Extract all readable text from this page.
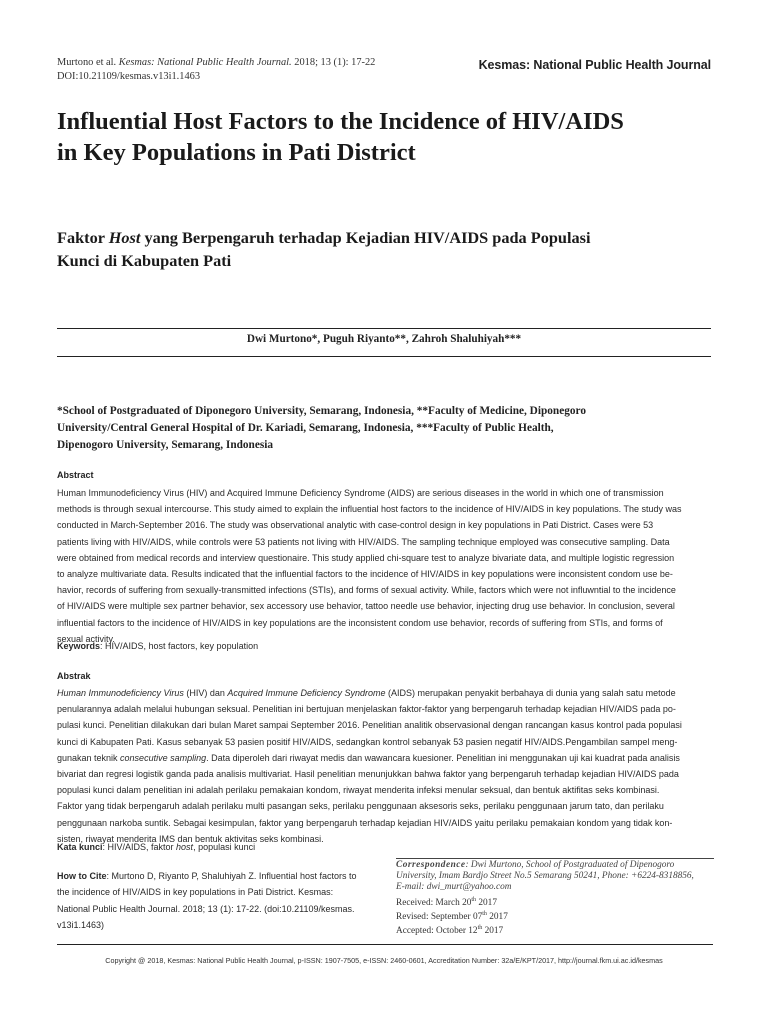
Murtono et al. Kesmas: National Public Health Journal. 2018; 13 (1): 17-22
DOI:10.21109/kesmas.v13i1.1463
Kesmas: National Public Health Journal
Influential Host Factors to the Incidence of HIV/AIDS
in Key Populations in Pati District
Faktor Host yang Berpengaruh terhadap Kejadian HIV/AIDS pada Populasi
Kunci di Kabupaten Pati
Dwi Murtono*, Puguh Riyanto**, Zahroh Shaluhiyah***
*School of Postgraduated of Diponegoro University, Semarang, Indonesia, **Faculty of Medicine, Diponegoro
University/Central General Hospital of Dr. Kariadi, Semarang, Indonesia, ***Faculty of Public Health,
Dipenogoro University, Semarang, Indonesia
Abstract
Human Immunodeficiency Virus (HIV) and Acquired Immune Deficiency Syndrome (AIDS) are serious diseases in the world in which one of transmission
methods is through sexual intercourse. This study aimed to explain the influential host factors to the incidence of HIV/AIDS in key populations. The study was
conducted in March-September 2016. The study was observational analytic with case-control design in key populations in Pati District. Cases were 53
patients living with HIV/AIDS, while controls were 53 patients not living with HIV/AIDS. The sampling technique employed was consecutive sampling. Data
were obtained from medical records and interview questionaire. This study applied chi-square test to analyze bivariate data, and multiple logistic regression
to analyze multivariate data. Results indicated that the influential factors to the incidence of HIV/AIDS in key populations were inconsistent condom use be-
havior, records of suffering from sexually-transmitted infections (STIs), and forms of sexual activity. While, factors which were not influwntial to the incidence
of HIV/AIDS were multiple sex partner behavior, sex accessory use behavior, tattoo needle use behavior, injecting drug use behavior. In conclusion, several
influential factors to the incidence of HIV/AIDS in key populations are the inconsistent condom use behavior, records of suffering from STIs, and forms of
sexual activity.
Keywords: HIV/AIDS, host factors, key population
Abstrak
Human Immunodeficiency Virus (HIV) dan Acquired Immune Deficiency Syndrome (AIDS) merupakan penyakit berbahaya di dunia yang salah satu metode
penularannya adalah melalui hubungan seksual. Penelitian ini bertujuan menjelaskan faktor-faktor yang berpengaruh terhadap kejadian HIV/AIDS pada po-
pulasi kunci. Penelitian dilakukan dari bulan Maret sampai September 2016. Penelitian analitik observasional dengan rancangan kasus kontrol pada populasi
kunci di Kabupaten Pati. Kasus sebanyak 53 pasien positif HIV/AIDS, sedangkan kontrol sebanyak 53 pasien negatif HIV/AIDS.Pengambilan sampel meng-
gunakan teknik consecutive sampling. Data diperoleh dari riwayat medis dan wawancara kuesioner. Penelitian ini menggunakan uji kai kuadrat pada analisis
bivariat dan regresi logistik ganda pada analisis multivariat. Hasil penelitian menunjukkan bahwa faktor yang berpengaruh terhadap kejadian HIV/AIDS pada
populasi kunci dalam penelitian ini adalah perilaku pemakaian kondom, riwayat menderita infeksi menular seksual, dan bentuk aktifitas seks kombinasi.
Faktor yang tidak berpengaruh adalah perilaku multi pasangan seks, perilaku penggunaan aksesoris seks, perilaku penggunaan jarum tato, dan perilaku
penggunaan narkoba suntik. Sebagai kesimpulan, faktor yang berpengaruh terhadap kejadian HIV/AIDS yaitu perilaku pemakaian kondom yang tidak kon-
sisten, riwayat menderita IMS dan bentuk aktivitas seks kombinasi.
Kata kunci: HIV/AIDS, faktor host, populasi kunci
How to Cite: Murtono D, Riyanto P, Shaluhiyah Z. Influential host factors to
the incidence of HIV/AIDS in key populations in Pati District. Kesmas:
National Public Health Journal. 2018; 13 (1): 17-22. (doi:10.21109/kesmas.
v13i1.1463)
Correspondence: Dwi Murtono, School of Postgraduated of Dipenogoro
University, Imam Bardjo Street No.5 Semarang 50241, Phone: +6224-8318856,
E-mail: dwi_murt@yahoo.com
Received: March 20th 2017
Revised: September 07th 2017
Accepted: October 12th 2017
Copyright @ 2018, Kesmas: National Public Health Journal, p-ISSN: 1907-7505, e-ISSN: 2460-0601, Accreditation Number: 32a/E/KPT/2017, http://journal.fkm.ui.ac.id/kesmas
